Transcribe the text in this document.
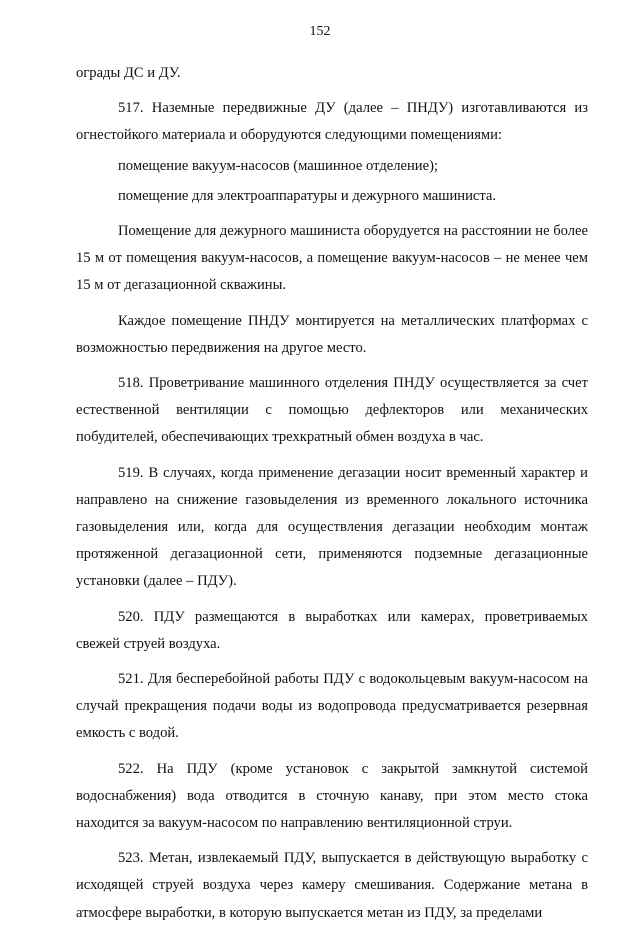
152

ограды ДС и ДУ.

517. Наземные передвижные ДУ (далее – ПНДУ) изготавливаются из огнестойкого материала и оборудуются следующими помещениями:

помещение вакуум-насосов (машинное отделение);

помещение для электроаппаратуры и дежурного машиниста.

Помещение для дежурного машиниста оборудуется на расстоянии не более 15 м от помещения вакуум-насосов, а помещение вакуум-насосов – не менее чем 15 м от дегазационной скважины.

Каждое помещение ПНДУ монтируется на металлических платформах с возможностью передвижения на другое место.

518. Проветривание машинного отделения ПНДУ осуществляется за счет естественной вентиляции с помощью дефлекторов или механических побудителей, обеспечивающих трехкратный обмен воздуха в час.

519. В случаях, когда применение дегазации носит временный характер и направлено на снижение газовыделения из временного локального источника газовыделения или, когда для осуществления дегазации необходим монтаж протяженной дегазационной сети, применяются подземные дегазационные установки (далее – ПДУ).

520. ПДУ размещаются в выработках или камерах, проветриваемых свежей струей воздуха.

521. Для бесперебойной работы ПДУ с водокольцевым вакуум-насосом на случай прекращения подачи воды из водопровода предусматривается резервная емкость с водой.

522. На ПДУ (кроме установок с закрытой замкнутой системой водоснабжения) вода отводится в сточную канаву, при этом место стока находится за вакуум-насосом по направлению вентиляционной струи.

523. Метан, извлекаемый ПДУ, выпускается в действующую выработку с исходящей струей воздуха через камеру смешивания. Содержание метана в атмосфере выработки, в которую выпускается метан из ПДУ, за пределами
